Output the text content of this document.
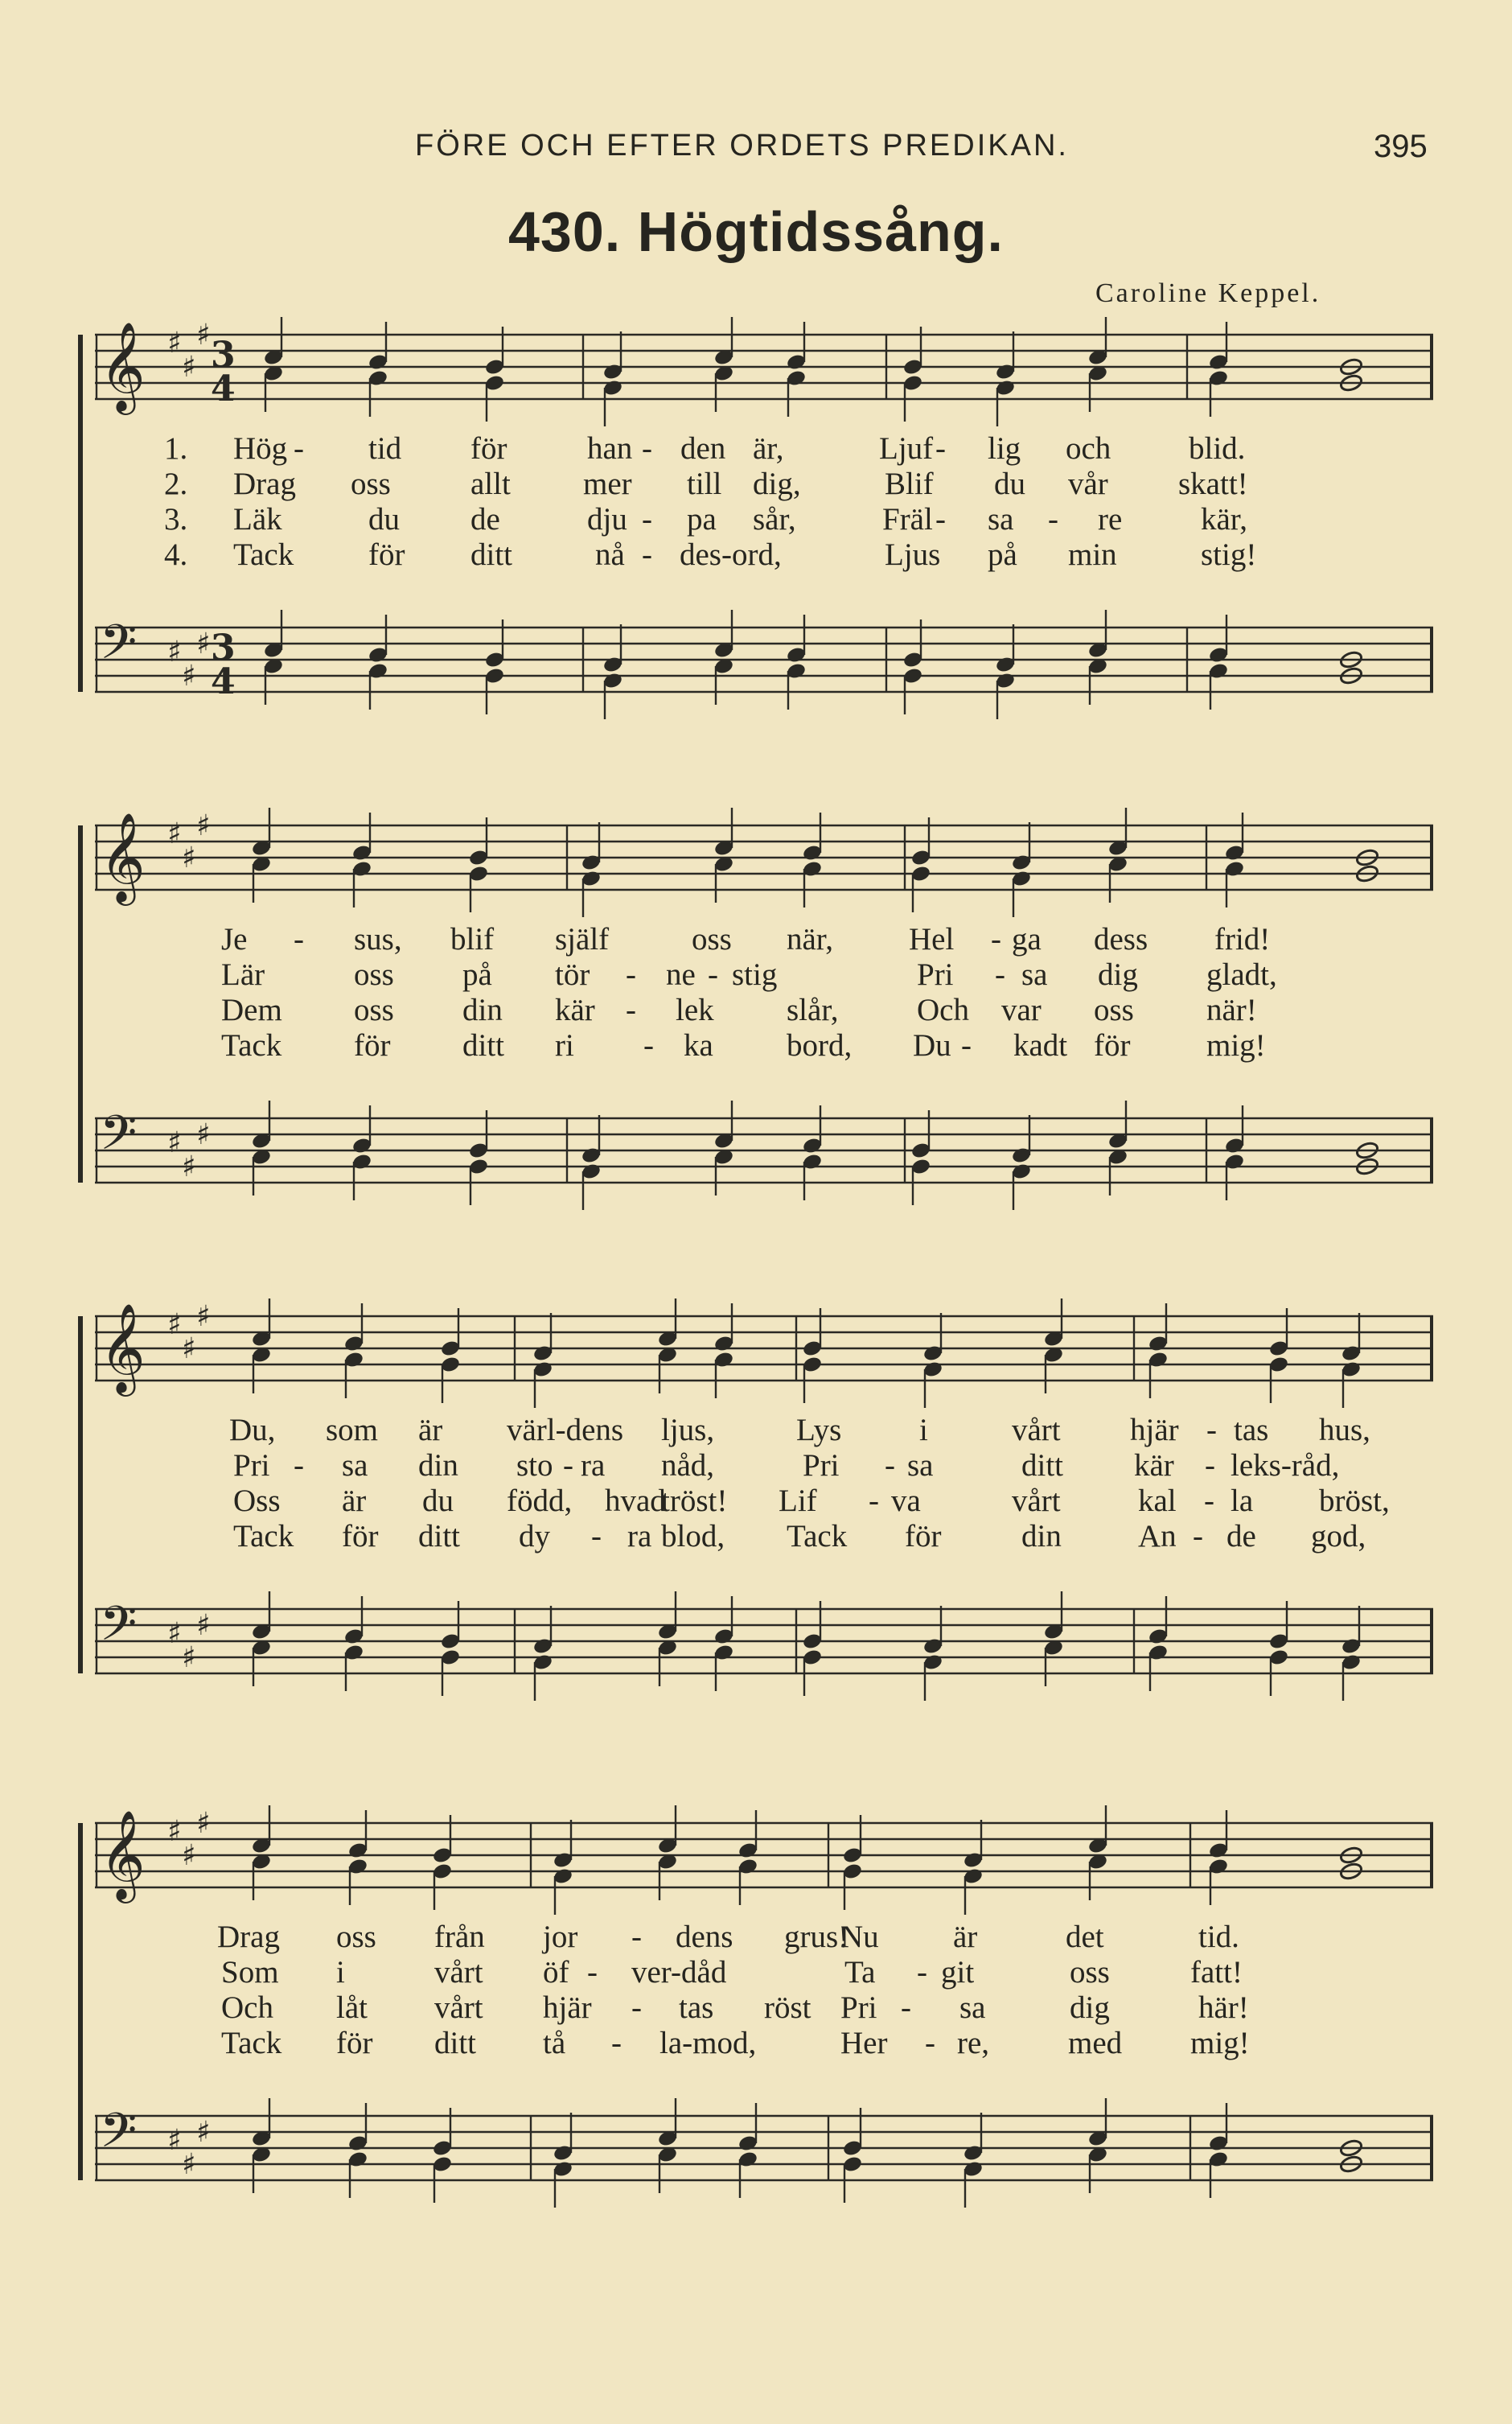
FÖRE OCH EFTER ORDETS PREDIKAN.	395
430. Högtidssång.
Caroline Keppel.
𝄞 ♯
♯
♯
𝄢 ♯
♯
♯
3
4
3
4
1.
2.
3.
4.
Hög - tid för	han - den är,	Ljuf - lig och blid.
Drag oss	allt mer till dig,	Blif du vår skatt!
Läk	du de	dju - pa sår,	Fräl - sa - re	kär,
Tack för ditt	nå - des-ord,	Ljus på min	stig!
𝄞 ♯
♯
♯
𝄢 ♯
♯
♯
Je - sus, blif själf	oss när, Hel - ga dess frid!
Lär	oss på tör - ne - stig	Pri - sa dig gladt,
Dem oss din kär - lek slår,	Och var oss när!
Tack för ditt ri - ka bord, Du - kadt för mig!
𝄞 ♯
♯
♯
𝄢 ♯
♯
♯
Du, som är värl-dens ljus,	Lys i	vårt hjär - tas hus,
Pri - sa din sto - ra nåd,	Pri - sa	ditt kär - leks-råd,
Oss är du född, hvad
tröst! Lif - va	vårt kal - la bröst,
Tack för ditt dy - ra blod, Tack för	din An - de god,
𝄞 ♯
♯
♯
𝄢 ♯
♯
♯
Drag oss från jor - dens grus!
Nu är	det	tid.
Som i	vårt öf - ver-dåd	Ta - git	oss	fatt!
Och låt vårt hjär - tas röst Pri - sa	dig	här!
Tack för ditt tå - la-mod,	Her - re,	med mig!
